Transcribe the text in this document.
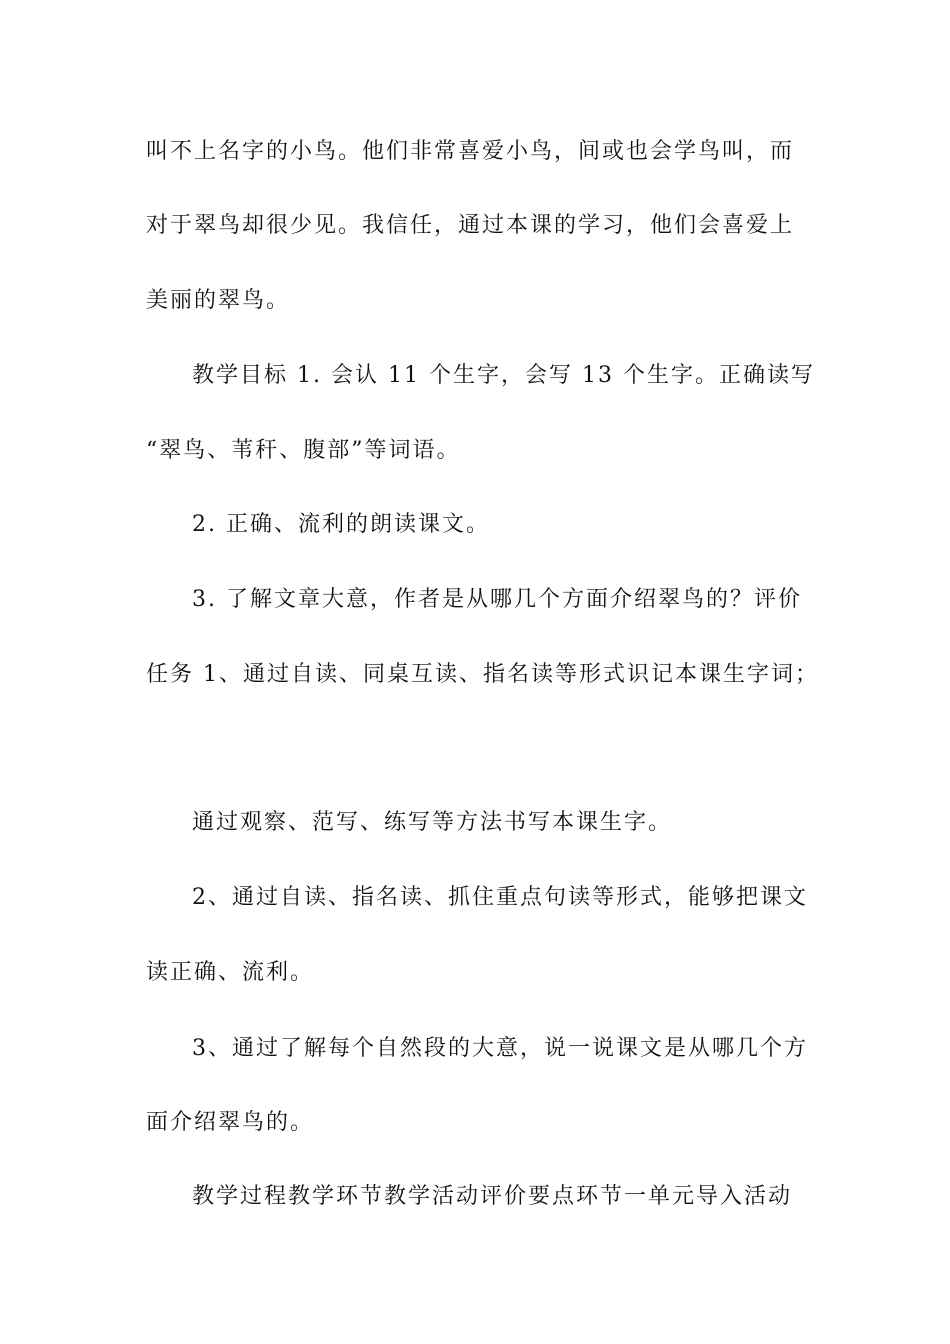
叫不上名字的小鸟。他们非常喜爱小鸟，间或也会学鸟叫，而
对于翠鸟却很少见。我信任，通过本课的学习，他们会喜爱上
美丽的翠鸟。
教学目标 1. 会认 11 个生字，会写 13 个生字。正确读写
“翠鸟、苇秆、腹部”等词语。
2. 正确、流利的朗读课文。
3. 了解文章大意，作者是从哪几个方面介绍翠鸟的？评价
任务 1、通过自读、同桌互读、指名读等形式识记本课生字词；
通过观察、范写、练写等方法书写本课生字。
2、通过自读、指名读、抓住重点句读等形式，能够把课文
读正确、流利。
3、通过了解每个自然段的大意，说一说课文是从哪几个方
面介绍翠鸟的。
教学过程教学环节教学活动评价要点环节一单元导入活动
